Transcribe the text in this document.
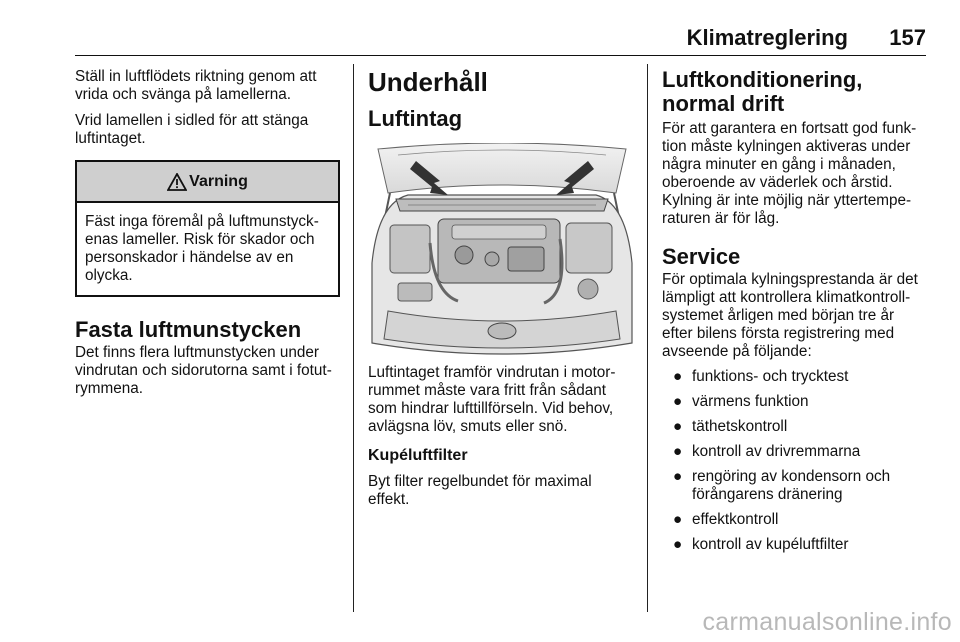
Klimatreglering 157

Ställ in luftflödets riktning genom att vrida och svänga på lamellerna.

Vrid lamellen i sidled för att stänga luftintaget.

Varning

Fäst inga föremål på luftmunstyckenas lameller. Risk för skador och personskador i händelse av en olycka.

Fasta luftmunstycken

Det finns flera luftmunstycken under vindrutan och sidorutorna samt i fotutrymmena.

Underhåll
Luftintag

Luftintaget framför vindrutan i motorrummet måste vara fritt från sådant som hindrar lufttillförseln. Vid behov, avlägsna löv, smuts eller snö.

Kupéluftfilter

Byt filter regelbundet för maximal effekt.

Luftkonditionering, normal drift

För att garantera en fortsatt god funktion måste kylningen aktiveras under några minuter en gång i månaden, oberoende av väderlek och årstid. Kylning är inte möjlig när yttertemperaturen är för låg.

Service

För optimala kylningsprestanda är det lämpligt att kontrollera klimatkontrollsystemet årligen med början tre år efter bilens första registrering med avseende på följande:

● funktions- och trycktest
● värmens funktion
● täthetskontroll
● kontroll av drivremmarna
● rengöring av kondensorn och förångarens dränering
● effektkontroll
● kontroll av kupéluftfilter
carmanualsonline.info
